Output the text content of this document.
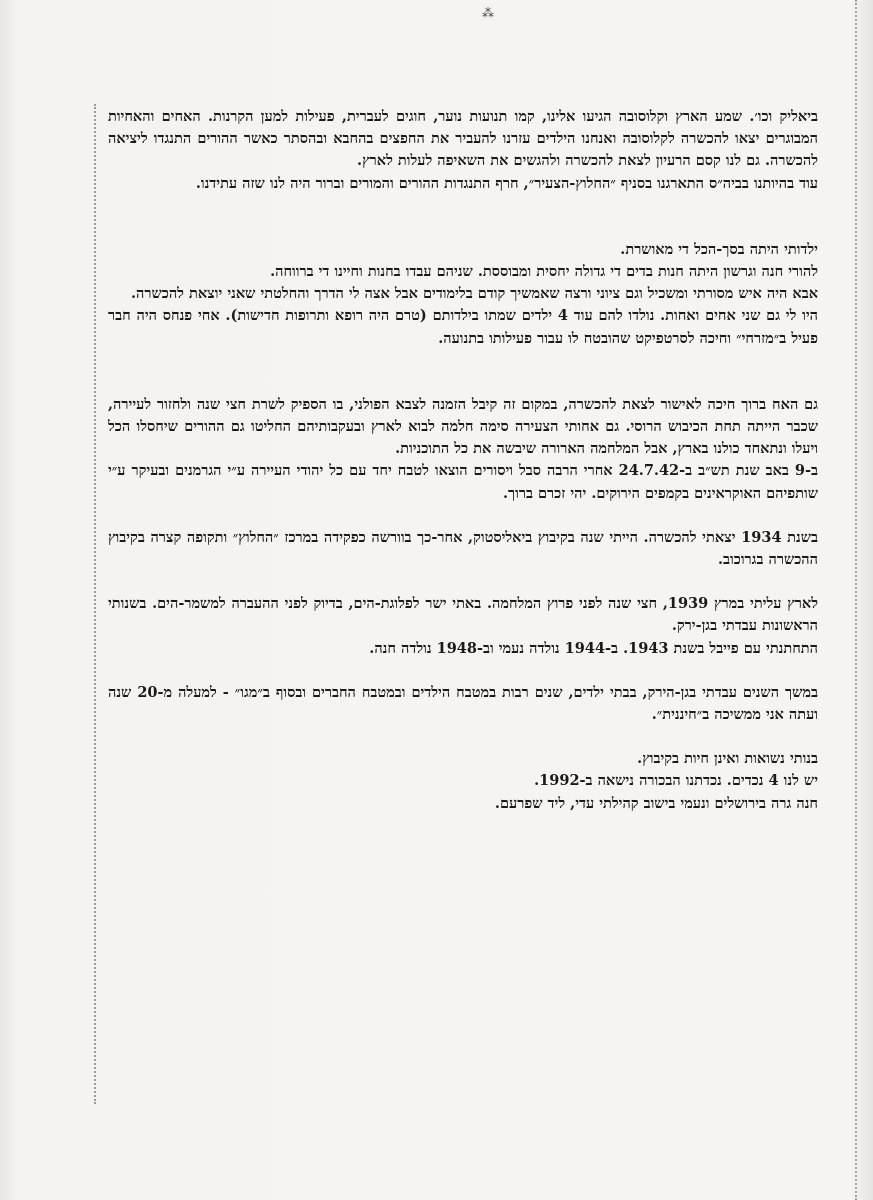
⁂

ביאליק וכו׳. שמע הארץ וקלוסובה הגיעו אלינו, קמו תנועות נוער, חוגים לעברית, פעילות למען הקרנות. האחים והאחיות המבוגרים יצאו להכשרה לקלוסובה ואנחנו הילדים עזרנו להעביר את החפצים בהחבא ובהסתר כאשר ההורים התנגדו ליציאה להכשרה. גם לנו קסם הרעיון לצאת להכשרה ולהגשים את השאיפה לעלות לארץ.

עוד בהיותנו בביה״ס התארגנו בסניף ״החלוץ-הצעיר״, חרף התנגדות ההורים והמורים וברור היה לנו שזה עתידנו.

ילדותי היתה בסך-הכל די מאושרת.

להורי חנה וגרשון היתה חנות בדים די גדולה יחסית ומבוססת. שניהם עבדו בחנות וחיינו די ברווחה.

אבא היה איש מסורתי ומשכיל וגם ציוני ורצה שאמשיך קודם בלימודים אבל אצה לי הדרך והחלטתי שאני יוצאת להכשרה.

היו לי גם שני אחים ואחות. נולדו להם עוד 4 ילדים שמתו בילדותם (טרם היה רופא ותרופות חדישות). אחי פנחס היה חבר פעיל ב״מזרחי״ וחיכה לסרטפיקט שהובטח לו עבור פעילותו בתנועה.

גם האח ברוך חיכה לאישור לצאת להכשרה, במקום זה קיבל הזמנה לצבא הפולני, בו הספיק לשרת חצי שנה ולחזור לעיירה, שכבר הייתה תחת הכיבוש הרוסי. גם אחותי הצעירה סימה חלמה לבוא לארץ ובעקבותיהם החליטו גם ההורים שיחסלו הכל ויעלו ונתאחד כולנו בארץ, אבל המלחמה הארורה שיבשה את כל התוכניות.

ב-9 באב שנת תש״ב ב-24.7.42 אחרי הרבה סבל ויסורים הוצאו לטבח יחד עם כל יהודי העיירה ע״י הגרמנים ובעיקר ע״י שותפיהם האוקראינים בקמפים הירוקים. יהי זכרם ברוך.

בשנת 1934 יצאתי להכשרה. הייתי שנה בקיבוץ ביאליסטוק, אחר-כך בוורשה כפקידה במרכז ״החלוץ״ ותקופה קצרה בקיבוץ ההכשרה בגרוכוב.

לארץ עליתי במרץ 1939, חצי שנה לפני פרוץ המלחמה. באתי ישר לפלוגת-הים, בדיוק לפני ההעברה למשמר-הים. בשנותי הראשונות עבדתי בגן-ירק.

התחתנתי עם פייבל בשנת 1943. ב-1944 נולדה נעמי וב-1948 נולדה חנה.

במשך השנים עבדתי בגן-הירק, בבתי ילדים, שנים רבות במטבח הילדים ובמטבח החברים ובסוף ב״מגו״ - למעלה מ-20 שנה ועתה אני ממשיכה ב״חיננית״.

בנותי נשואות ואינן חיות בקיבוץ.

יש לנו 4 נכדים. נכדתנו הבכורה נישאה ב-1992.

חנה גרה בירושלים ונעמי בישוב קהילתי עדי, ליד שפרעם.
